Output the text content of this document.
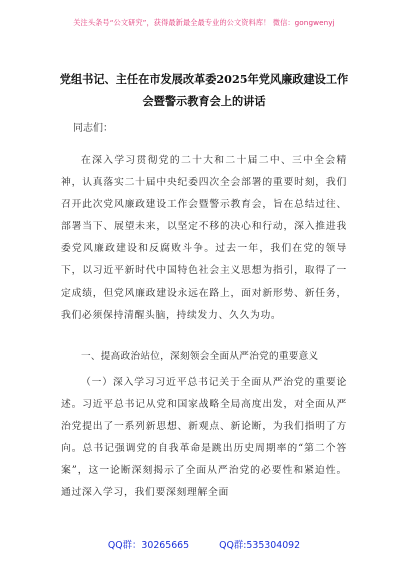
关注头条号“公文研究”，获得最新最全最专业的公文资料库！ 微信：gongwenyj
党组书记、主任在市发展改革委2025年党风廉政建设工作
会暨警示教育会上的讲话
同志们：
在深入学习贯彻党的二十大和二十届二中、三中全会精神，认真落实二十届中央纪委四次全会部署的重要时刻，我们召开此次党风廉政建设工作会暨警示教育会，旨在总结过往、部署当下、展望未来，以坚定不移的决心和行动，深入推进我委党风廉政建设和反腐败斗争。过去一年，我们在党的领导下，以习近平新时代中国特色社会主义思想为指引，取得了一定成绩，但党风廉政建设永远在路上，面对新形势、新任务，我们必须保持清醒头脑，持续发力、久久为功。
一、提高政治站位，深刻领会全面从严治党的重要意义
（一）深入学习习近平总书记关于全面从严治党的重要论述。习近平总书记从党和国家战略全局高度出发，对全面从严治党提出了一系列新思想、新观点、新论断，为我们指明了方向。总书记强调党的自我革命是跳出历史周期率的“第二个答案”，这一论断深刻揭示了全面从严治党的必要性和紧迫性。通过深入学习，我们要深刻理解全面
QQ群：30265665	QQ群:535304092
